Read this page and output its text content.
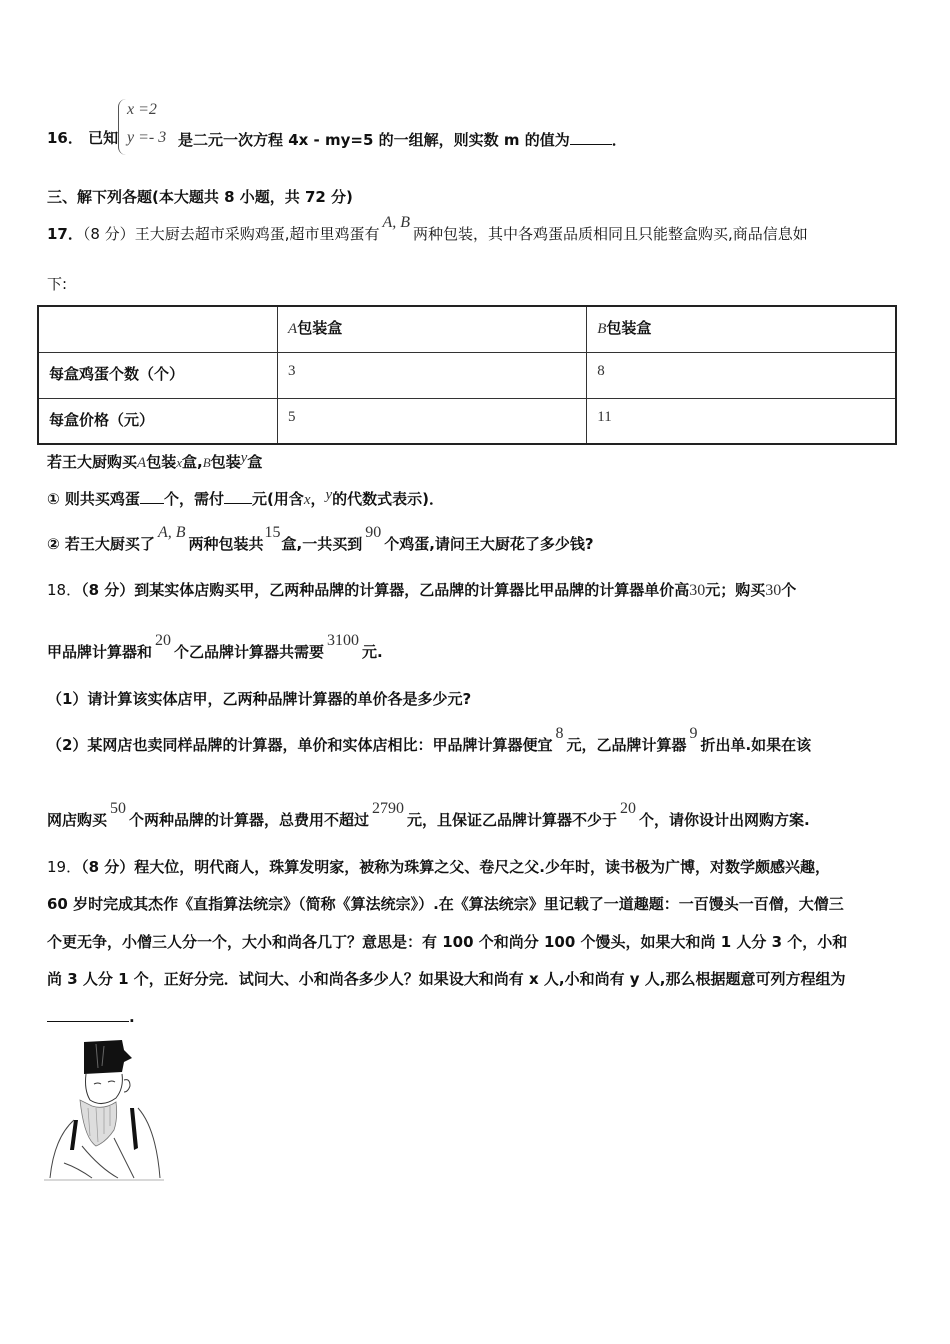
16． 已知
x =2
y =- 3 是二元一次方程 4x - my=5 的一组解，则实数 m 的值为	．
三、解下列各题(本大题共 8 小题，共 72 分)
17．（8 分）王大厨去超市采购鸡蛋,超市里鸡蛋有A, B两种包装，其中各鸡蛋品质相同且只能整盒购买,商品信息如
下:
	A包装盒	B包装盒
每盒鸡蛋个数（个）	3	8
每盒价格（元）	5	11
若王大厨购买A包装x盒,B包装y盒
① 则共买鸡蛋 个，需付 元(用含x，y的代数式表示)．
② 若王大厨买了A, B两种包装共15盒,一共买到90个鸡蛋,请问王大厨花了多少钱?
18．（8 分）到某实体店购买甲，乙两种品牌的计算器，乙品牌的计算器比甲品牌的计算器单价高30元；购买30个
甲品牌计算器和20个乙品牌计算器共需要3100元.
（1）请计算该实体店甲，乙两种品牌计算器的单价各是多少元?
（2）某网店也卖同样品牌的计算器，单价和实体店相比：甲品牌计算器便宜8元，乙品牌计算器9折出单.如果在该
网店购买50个两种品牌的计算器，总费用不超过2790元，且保证乙品牌计算器不少于20个，请你设计出网购方案.
19．（8 分）程大位，明代商人，珠算发明家，被称为珠算之父、卷尺之父.少年时，读书极为广博，对数学颇感兴趣，
60 岁时完成其杰作《直指算法统宗》（简称《算法统宗》）.在《算法统宗》里记载了一道趣题：一百馒头一百僧，大僧三
个更无争，小僧三人分一个，大小和尚各几丁？意思是：有 100 个和尚分 100 个馒头，如果大和尚 1 人分 3 个，小和
尚 3 人分 1 个，正好分完．试问大、小和尚各多少人？如果设大和尚有 x 人,小和尚有 y 人,那么根据题意可列方程组为
.
